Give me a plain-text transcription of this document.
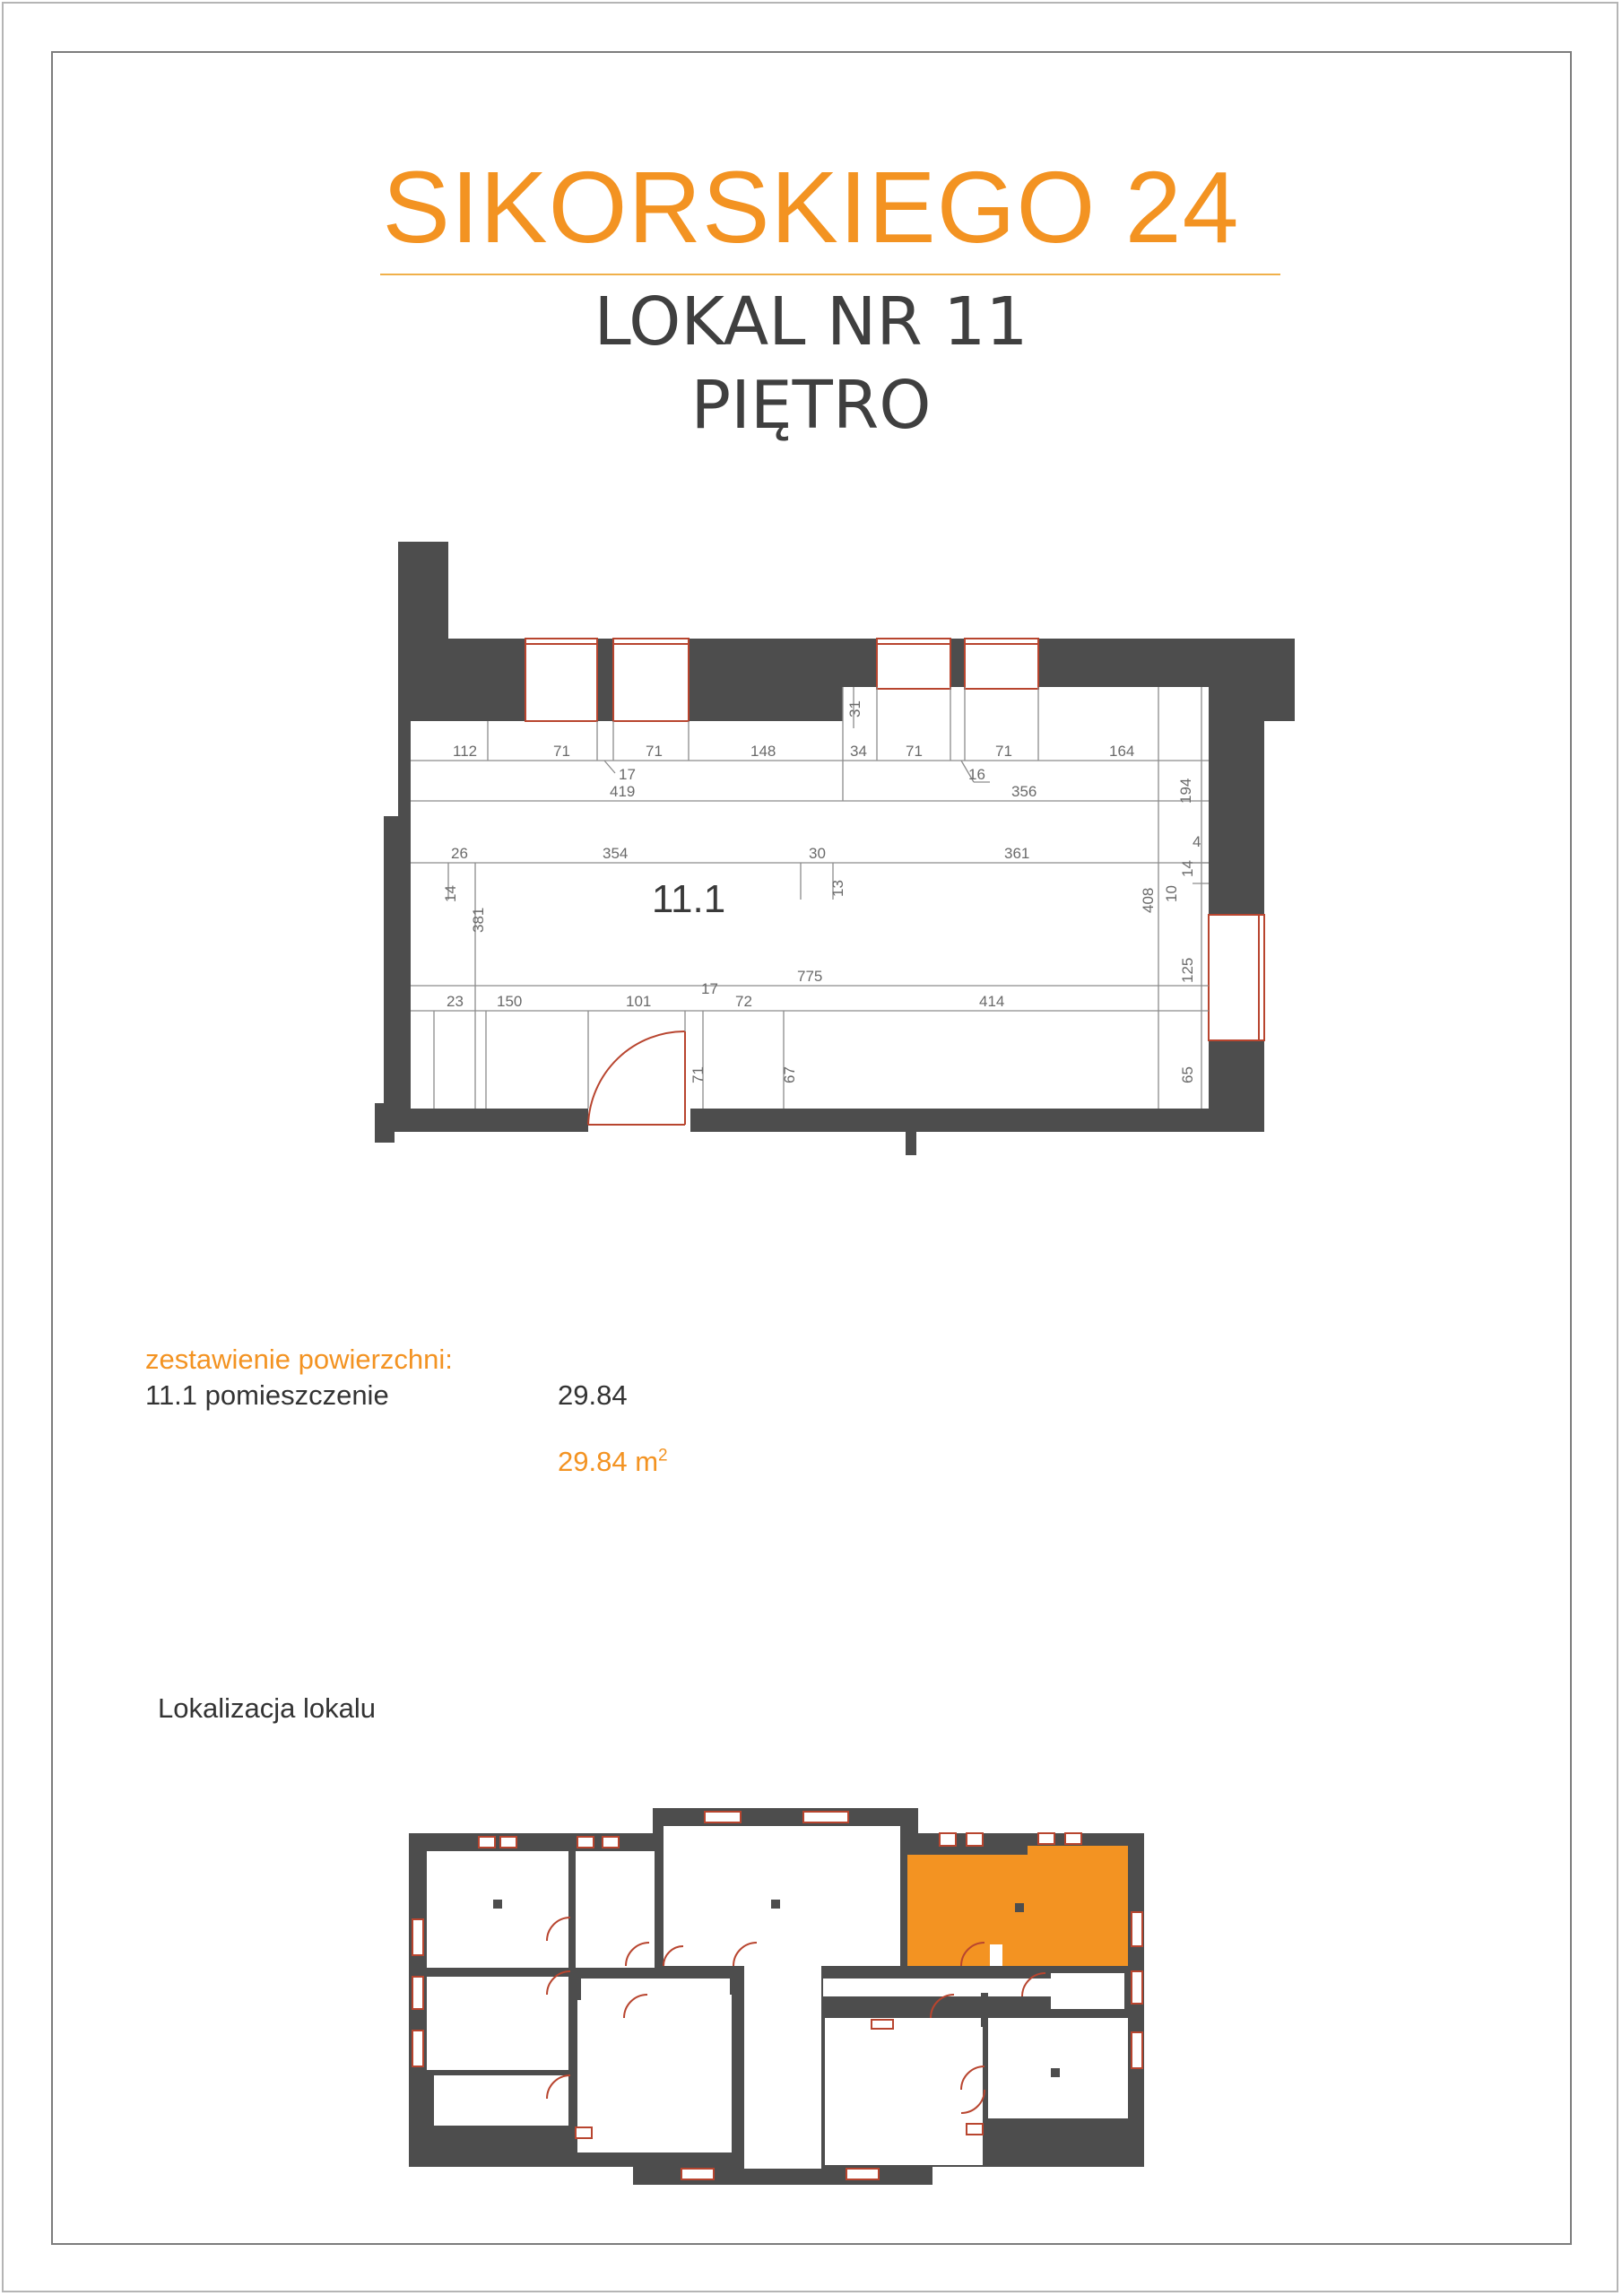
SIKORSKIEGO 24
LOKAL NR 11
PIĘTRO
112	71
17
71	148	34	71
16
71	164
419	356
26	354	30	361
775
23 150	101
17
72	414
4
31
194
14	13
14
381
408 10
125
71	67	65
11.1
zestawienie powierzchni:
11.1 pomieszczenie	29.84
29.84 $m^2$
Lokalizacja lokalu
